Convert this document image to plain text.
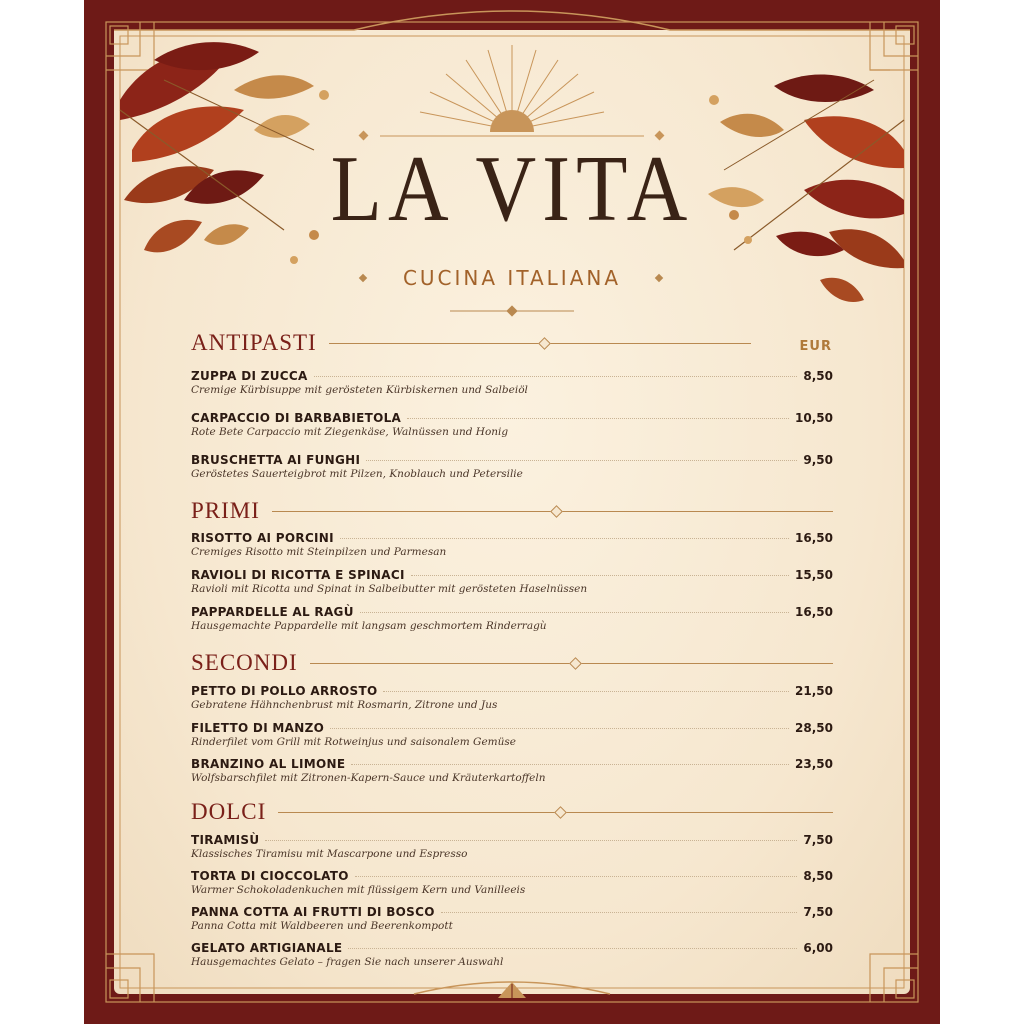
LA VITA
CUCINA ITALIANA
EUR
ANTIPASTI
ZUPPA DI ZUCCA	8,50
Cremige Kürbisuppe mit gerösteten Kürbiskernen und Salbeiöl
CARPACCIO DI BARBABIETOLA	10,50
Rote Bete Carpaccio mit Ziegenkäse, Walnüssen und Honig
BRUSCHETTA AI FUNGHI	9,50
Geröstetes Sauerteigbrot mit Pilzen, Knoblauch und Petersilie
PRIMI
RISOTTO AI PORCINI	16,50
Cremiges Risotto mit Steinpilzen und Parmesan
RAVIOLI DI RICOTTA E SPINACI	15,50
Ravioli mit Ricotta und Spinat in Salbeibutter mit gerösteten Haselnüssen
PAPPARDELLE AL RAGÙ	16,50
Hausgemachte Pappardelle mit langsam geschmortem Rinderragù
SECONDI
PETTO DI POLLO ARROSTO	21,50
Gebratene Hähnchenbrust mit Rosmarin, Zitrone und Jus
FILETTO DI MANZO	28,50
Rinderfilet vom Grill mit Rotweinjus und saisonalem Gemüse
BRANZINO AL LIMONE	23,50
Wolfsbarschfilet mit Zitronen-Kapern-Sauce und Kräuterkartoffeln
DOLCI
TIRAMISÙ	7,50
Klassisches Tiramisu mit Mascarpone und Espresso
TORTA DI CIOCCOLATO	8,50
Warmer Schokoladenkuchen mit flüssigem Kern und Vanilleeis
PANNA COTTA AI FRUTTI DI BOSCO	7,50
Panna Cotta mit Waldbeeren und Beerenkompott
GELATO ARTIGIANALE	6,00
Hausgemachtes Gelato – fragen Sie nach unserer Auswahl
